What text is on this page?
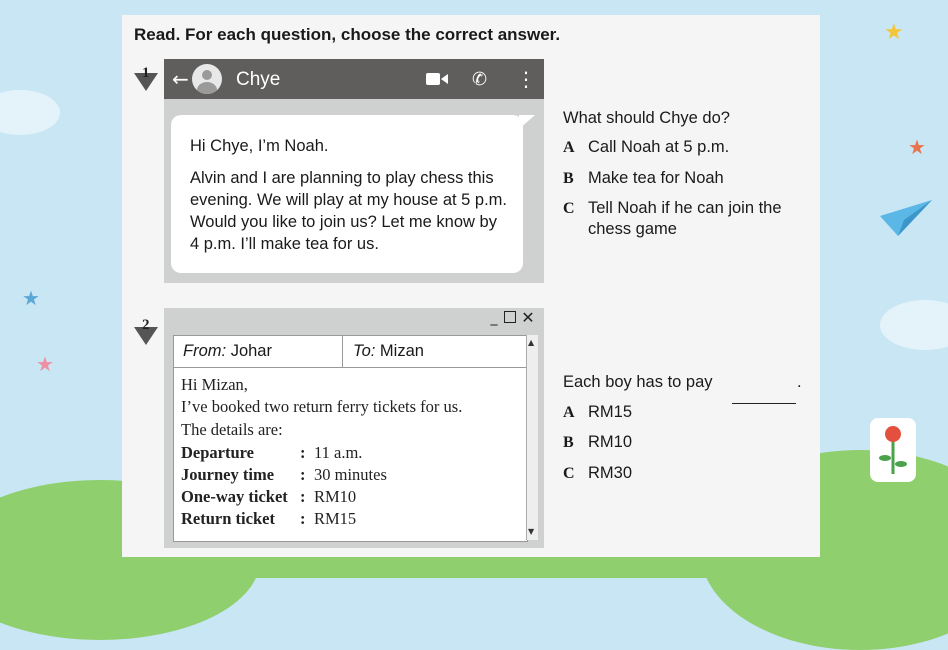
★
★
★
★

Read. For each question, choose the correct answer.

1 ← Chye	✆ ⋮

Hi Chye, I’m Noah.

Alvin and I are planning to play chess this

evening. We will play at my house at 5 p.m.

Would you like to join us? Let me know by

4 p.m. I’ll make tea for us.

What should Chye do?

A Call Noah at 5 p.m.

B Make tea for Noah

C Tell Noah if he can join the

chess game

2	_ ✕
From: Johar	To: Mizan

Hi Mizan,

I’ve booked two return ferry tickets for us.

The details are:

Departure	: 11 a.m.
Journey time : 30 minutes
One-way ticket : RM10
Return ticket : RM15
▲
▼

Each boy has to pay	.
A RM15

B RM10

C RM30
